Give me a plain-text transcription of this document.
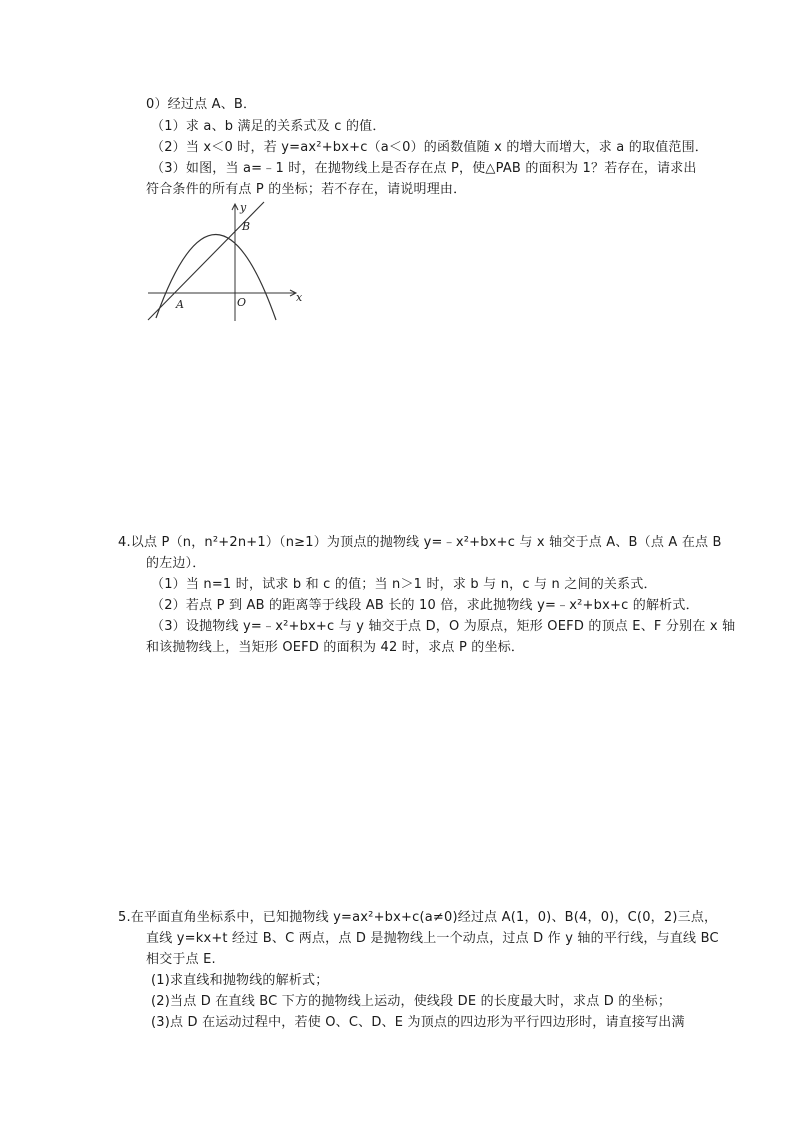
0）经过点 A、B．
（1）求 a、b 满足的关系式及 c 的值．
（2）当 x＜0 时，若 y=ax²+bx+c（a＜0）的函数值随 x 的增大而增大，求 a 的取值范围．
（3）如图，当 a=﹣1 时，在抛物线上是否存在点 P，使△PAB 的面积为 1？若存在，请求出
符合条件的所有点 P 的坐标；若不存在，请说明理由．
y
x
B
A	O
4.以点 P（n，n²+2n+1）（n≥1）为顶点的抛物线 y=﹣x²+bx+c 与 x 轴交于点 A、B（点 A 在点 B
的左边）．
（1）当 n=1 时，试求 b 和 c 的值；当 n＞1 时，求 b 与 n，c 与 n 之间的关系式．
（2）若点 P 到 AB 的距离等于线段 AB 长的 10 倍，求此抛物线 y=﹣x²+bx+c 的解析式．
（3）设抛物线 y=﹣x²+bx+c 与 y 轴交于点 D，O 为原点，矩形 OEFD 的顶点 E、F 分别在 x 轴
和该抛物线上，当矩形 OEFD 的面积为 42 时，求点 P 的坐标．
5.在平面直角坐标系中，已知抛物线 y=ax²+bx+c(a≠0)经过点 A(1，0)、B(4，0)，C(0，2)三点，
直线 y=kx+t 经过 B、C 两点，点 D 是抛物线上一个动点，过点 D 作 y 轴的平行线，与直线 BC
相交于点 E.
(1)求直线和抛物线的解析式；
(2)当点 D 在直线 BC 下方的抛物线上运动，使线段 DE 的长度最大时，求点 D 的坐标；
(3)点 D 在运动过程中，若使 O、C、D、E 为顶点的四边形为平行四边形时，请直接写出满
